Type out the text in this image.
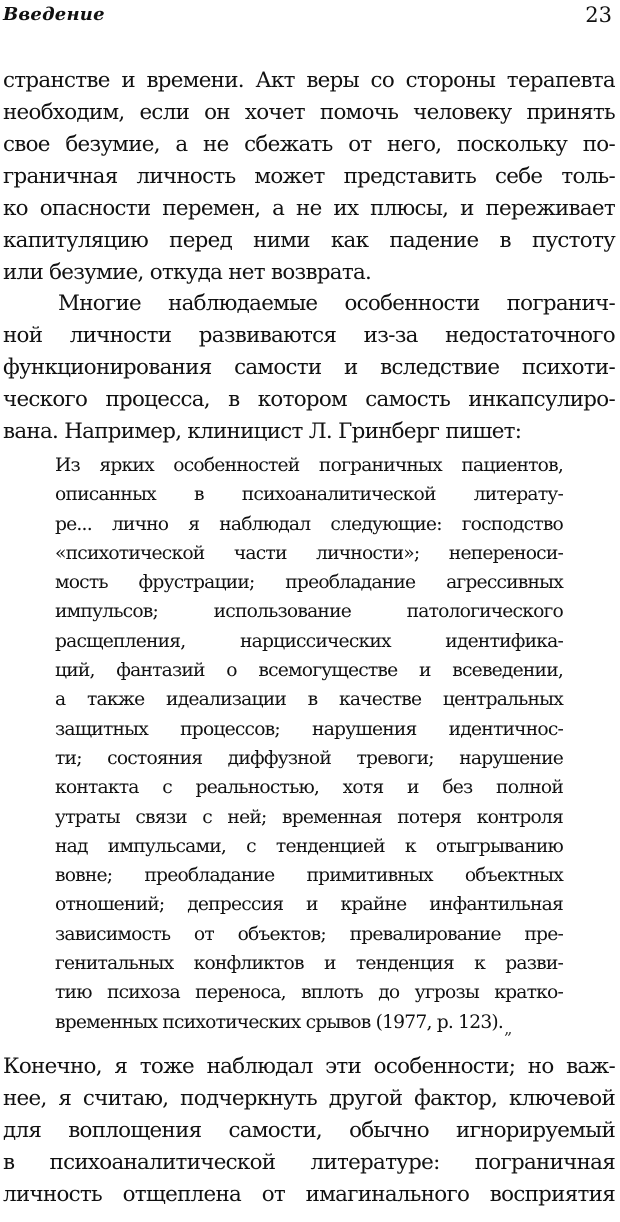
Введение	23
странстве и времени. Акт веры со стороны терапевта
необходим, если он хочет помочь человеку принять
свое безумие, а не сбежать от него, поскольку по-
граничная личность может представить себе толь-
ко опасности перемен, а не их плюсы, и переживает
капитуляцию перед ними как падение в пустоту
или безумие, откуда нет возврата.
Многие наблюдаемые особенности погранич-
ной личности развиваются из-за недостаточного
функционирования самости и вследствие психоти-
ческого процесса, в котором самость инкапсулиро-
вана. Например, клиницист Л. Гринберг пишет:
Из ярких особенностей пограничных пациентов,
описанных в психоаналитической литерату-
ре... лично я наблюдал следующие: господство
«психотической части личности»; непереноси-
мость фрустрации; преобладание агрессивных
импульсов; использование патологического
расщепления, нарциссических идентифика-
ций, фантазий о всемогуществе и всеведении,
а также идеализации в качестве центральных
защитных процессов; нарушения идентичнос-
ти; состояния диффузной тревоги; нарушение
контакта с реальностью, хотя и без полной
утраты связи с ней; временная потеря контроля
над импульсами, с тенденцией к отыгрыванию
вовне; преобладание примитивных объектных
отношений; депрессия и крайне инфантильная
зависимость от объектов; превалирование пре-
генитальных конфликтов и тенденция к разви-
тию психоза переноса, вплоть до угрозы кратко-
временных психотических срывов (1977, р. 123).„
Конечно, я тоже наблюдал эти особенности; но важ-
нее, я считаю, подчеркнуть другой фактор, ключевой
для воплощения самости, обычно игнорируемый
в психоаналитической литературе: пограничная
личность отщеплена от имагинального восприятия
